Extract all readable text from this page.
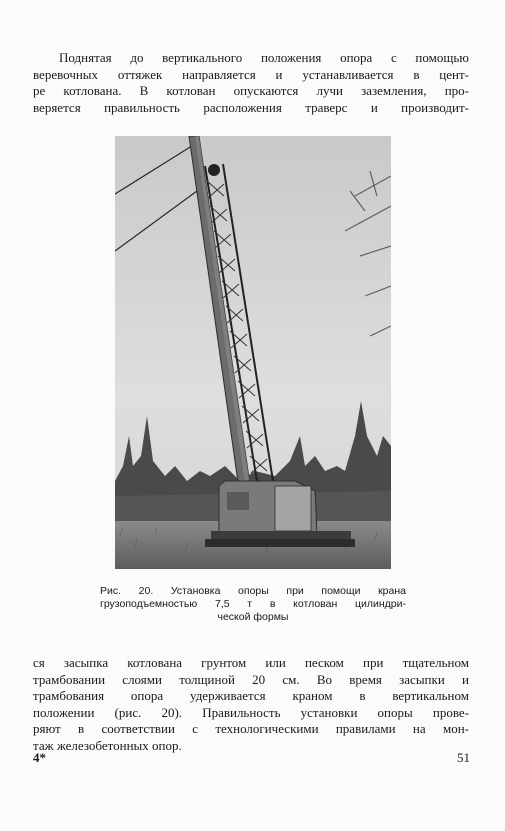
Поднятая до вертикального положения опора с помощью
веревочных оттяжек направляется и устанавливается в цент-
ре котлована. В котлован опускаются лучи заземления, про-
веряется правильность расположения траверс и производит-
Рис. 20. Установка опоры при помощи крана
грузоподъемностью 7,5 т в котлован цилиндри-
ческой формы
ся засыпка котлована грунтом или песком при тщательном
трамбовании слоями толщиной 20 см. Во время засыпки и
трамбования опора удерживается краном в вертикальном
положении (рис. 20). Правильность установки опоры прове-
ряют в соответствии с технологическими правилами на мон-
таж железобетонных опор.
4*	51
